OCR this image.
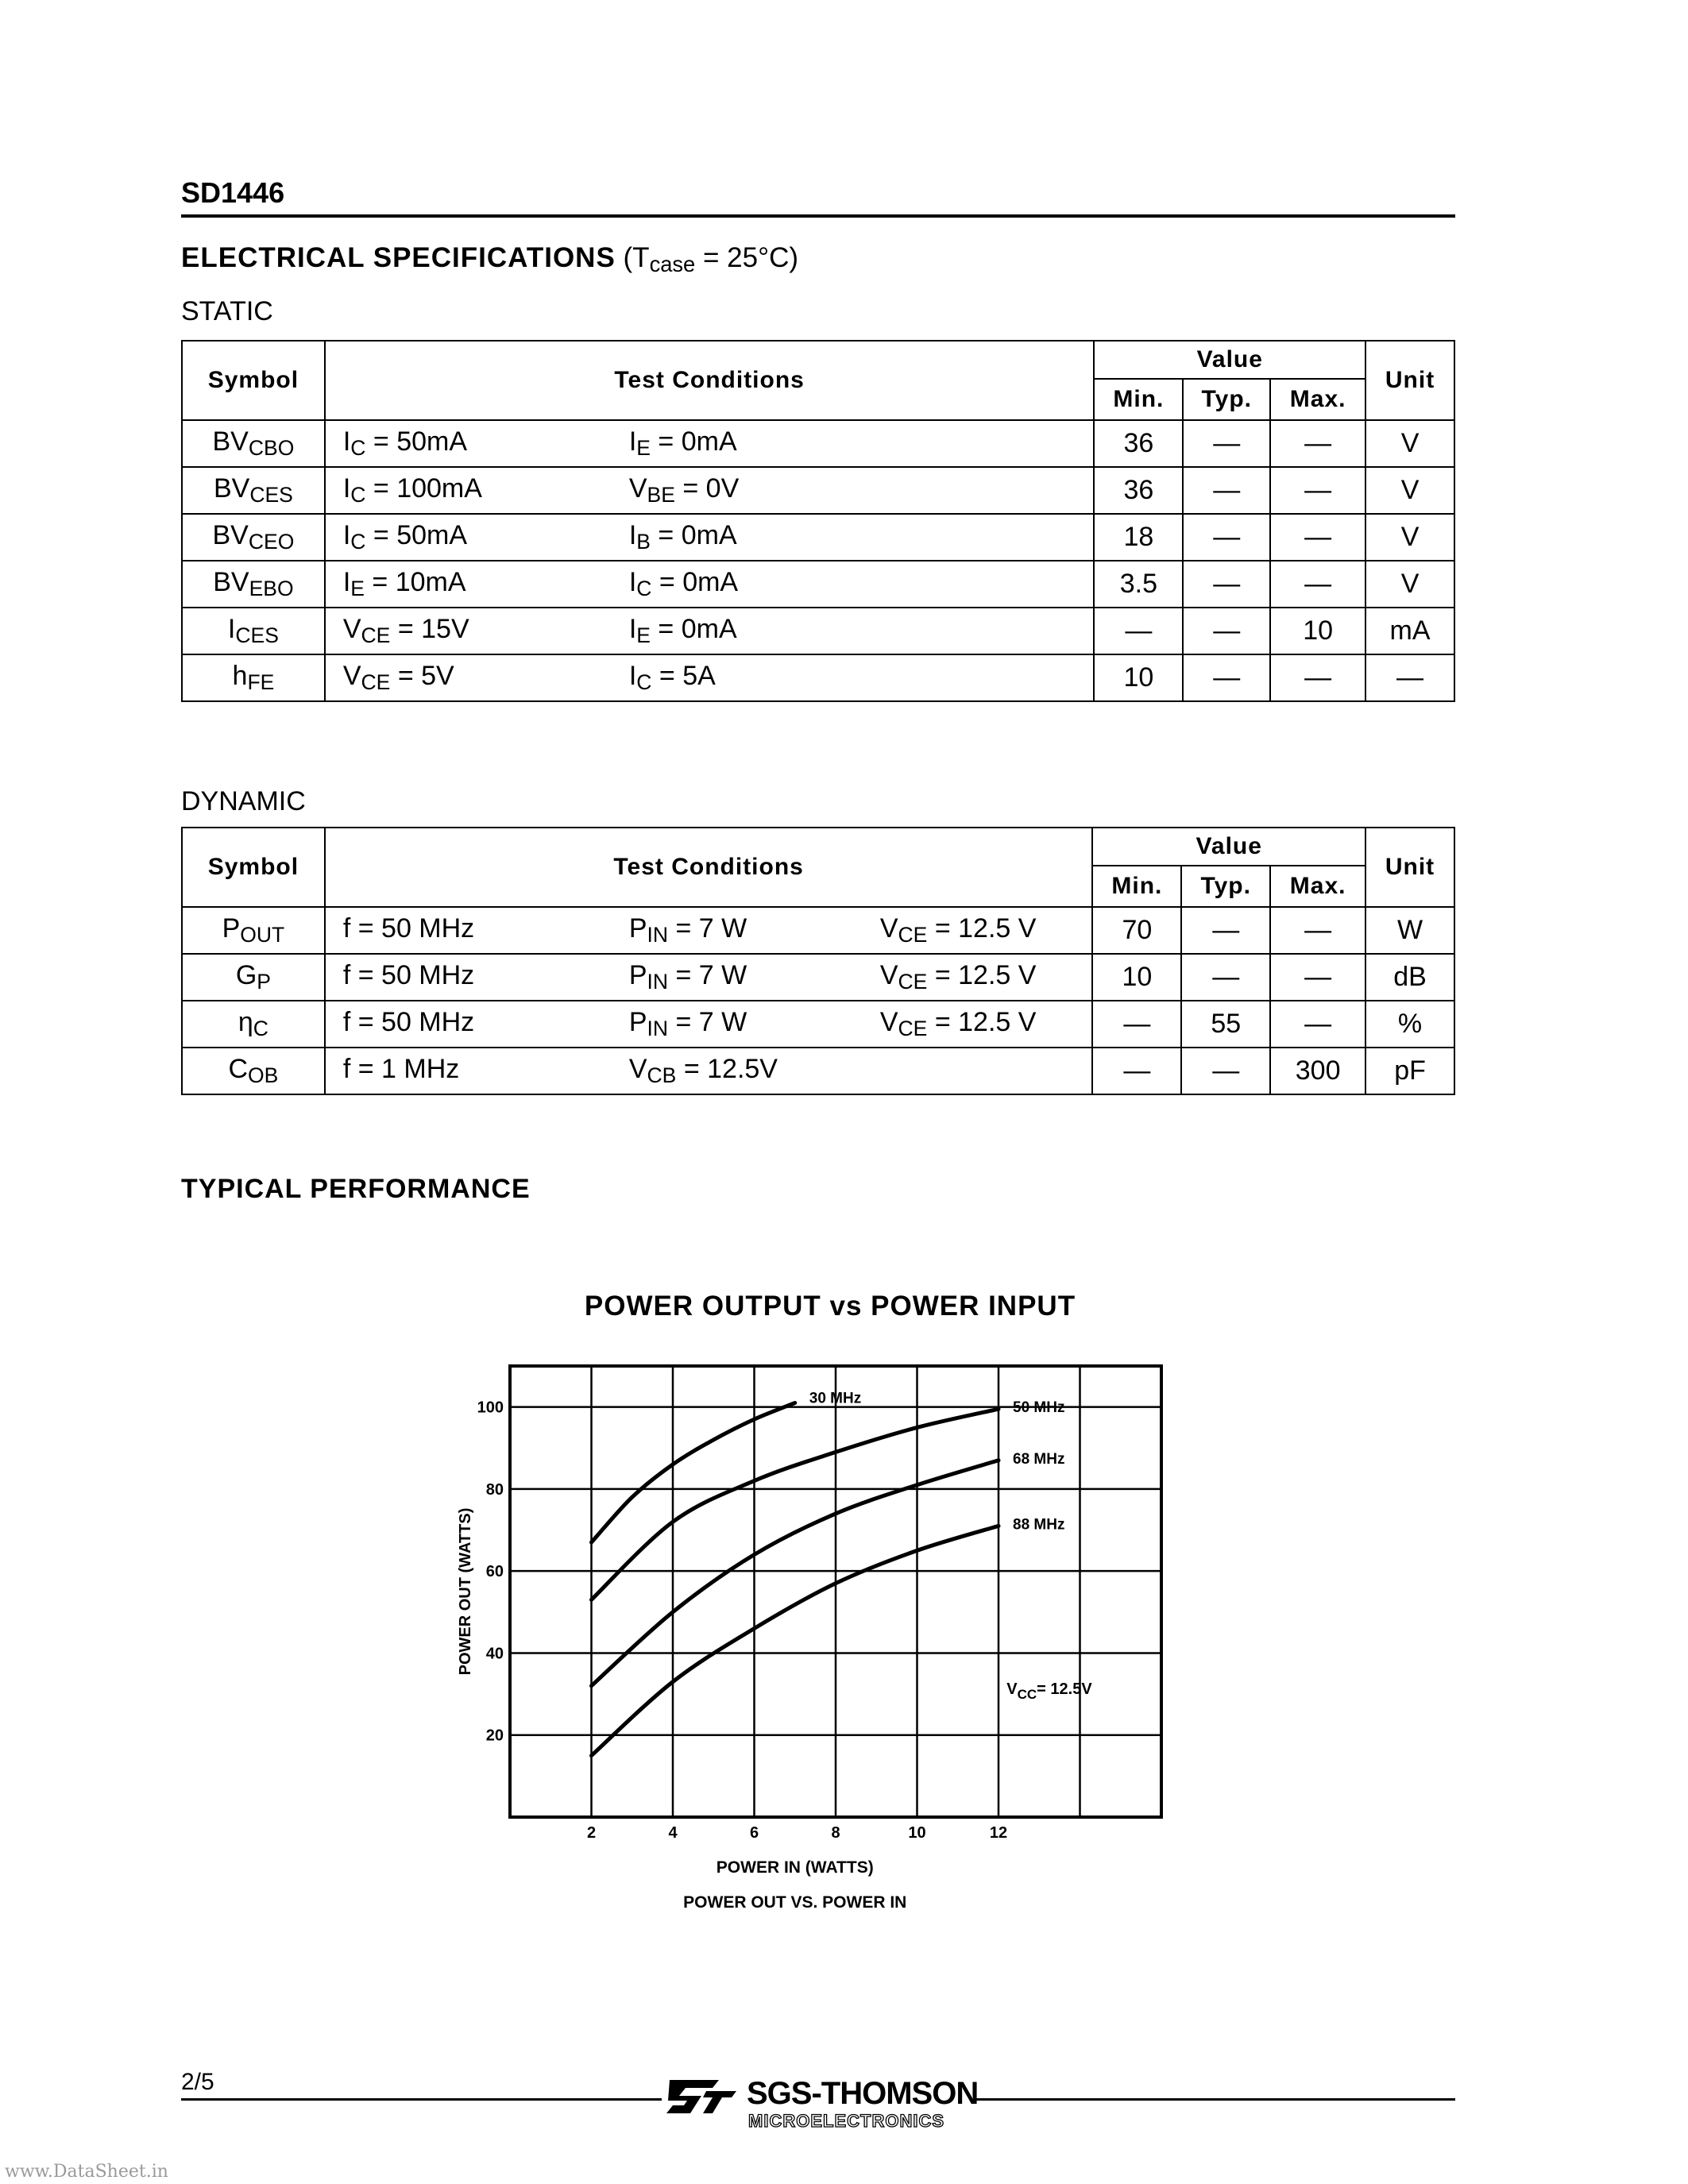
SD1446
ELECTRICAL SPECIFICATIONS $(T_{case} = 25^\circ C)$
STATIC
Symbol	Test Conditions	Value			Unit
		Min.	Typ.	Max.	
$BV_{CBO}$	$I_C = 50mA$ $I_E = 0mA$	36	—	—	V
$BV_{CES}$	$I_C = 100mA$ $V_{BE} = 0V$	36	—	—	V
$BV_{CEO}$	$I_C = 50mA$ $I_B = 0mA$	18	—	—	V
$BV_{EBO}$	$I_E = 10mA$ $I_C = 0mA$	3.5	—	—	V
$I_{CES}$	$V_{CE} = 15V$ $I_E = 0mA$	—	—	10	mA
$h_{FE}$	$V_{CE} = 5V$ $I_C = 5A$	10	—	—	—
DYNAMIC
Symbol	Test Conditions	Value			Unit
		Min.	Typ.	Max.	
$P_{OUT}$	f = 50 MHz $P_{IN} = 7$ W $V_{CE} = 12.5$ V	70	—	—	W
$G_P$	f = 50 MHz $P_{IN} = 7$ W $V_{CE} = 12.5$ V	10	—	—	dB
$\eta_C$	f = 50 MHz $P_{IN} = 7$ W $V_{CE} = 12.5$ V	—	55	—	%
$C_{OB}$	f = 1 MHz $V_{CB} = 12.5V$	—	—	300	pF
TYPICAL PERFORMANCE
POWER OUTPUT vs POWER INPUT
2	4	6	8	10	12
20
40
60
80
100
30 MHz
50 MHz
68 MHz
88 MHz
POWER IN (WATTS)
POWER OUT VS. POWER IN
POWER OUT (WATTS)
$V_{CC}= 12.5V$
2/5	SGS-THOMSON
MICROELECTRONICS
www.DataSheet.in
